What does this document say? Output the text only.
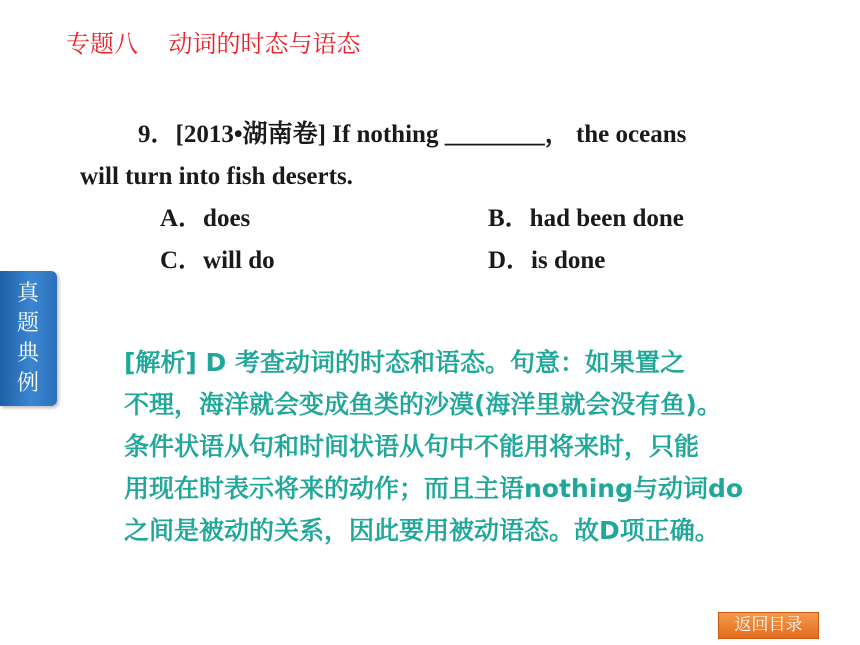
专题八    动词的时态与语态
9．[2013•湖南卷] If nothing ________， the oceans
will turn into fish deserts.
A．does	B．had been done
C．will do	D．is done
真题典例
[解析] D 考查动词的时态和语态。句意：如果置之
不理，海洋就会变成鱼类的沙漠(海洋里就会没有鱼)。
条件状语从句和时间状语从句中不能用将来时，只能
用现在时表示将来的动作；而且主语nothing与动词do
之间是被动的关系，因此要用被动语态。故D项正确。
返回目录
